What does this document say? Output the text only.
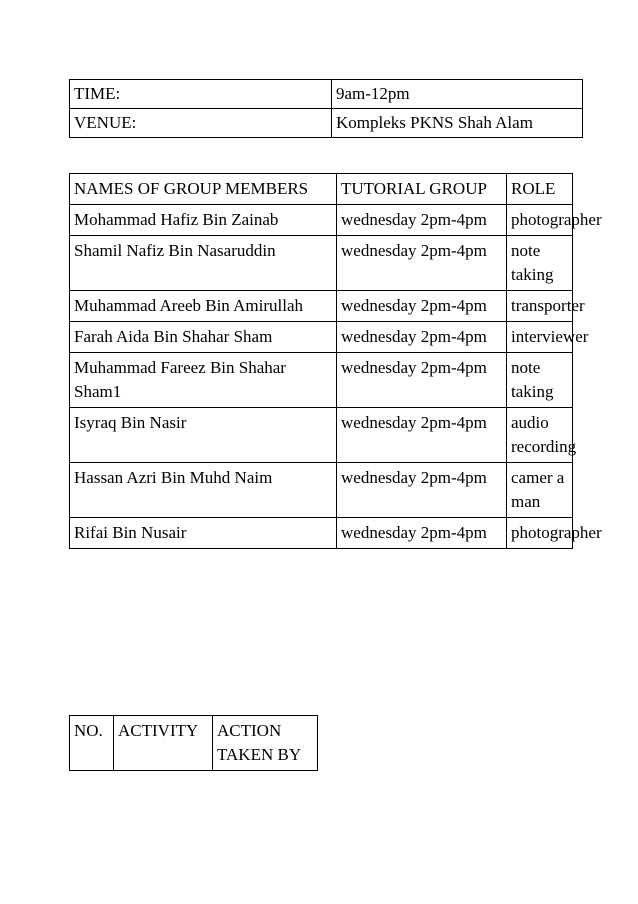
TIME:	9am-12pm
VENUE:	Kompleks PKNS Shah Alam
NAMES OF GROUP MEMBERS	TUTORIAL GROUP	ROLE
Mohammad Hafiz Bin Zainab	wednesday 2pm-4pm	photographer
Shamil Nafiz Bin Nasaruddin	wednesday 2pm-4pm	note taking
Muhammad Areeb Bin Amirullah	wednesday 2pm-4pm	transporter
Farah Aida Bin Shahar Sham	wednesday 2pm-4pm	interviewer
Muhammad Fareez Bin Shahar Sham1	wednesday 2pm-4pm	note taking
Isyraq Bin Nasir	wednesday 2pm-4pm	audio recording
Hassan Azri Bin Muhd Naim	wednesday 2pm-4pm	camer a man
Rifai Bin Nusair	wednesday 2pm-4pm	photographer
NO.	ACTIVITY	ACTION TAKEN BY
